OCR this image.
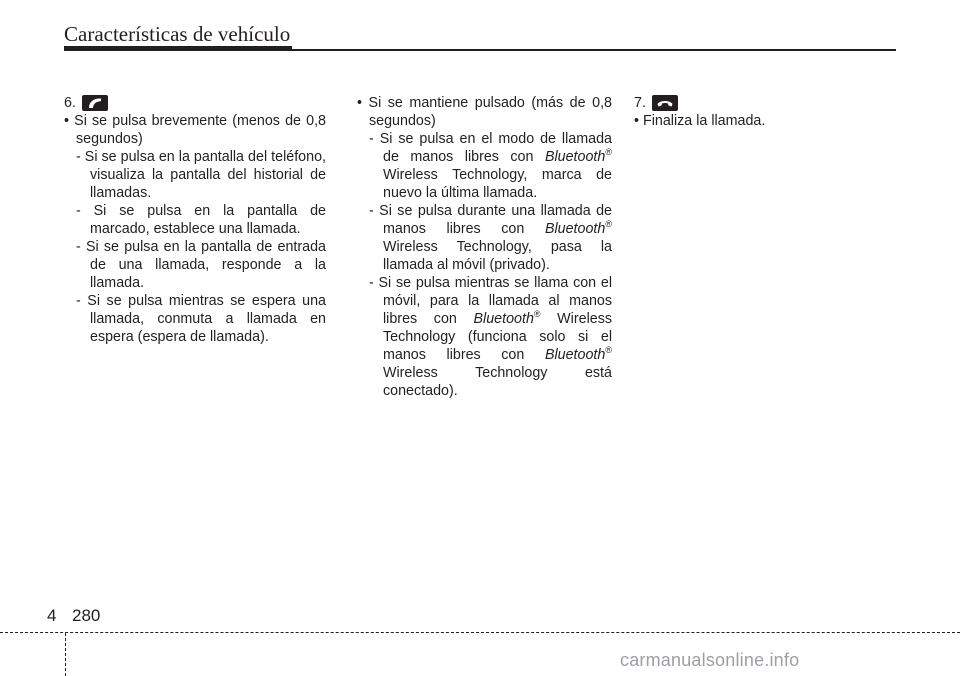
Características de vehículo
6.

• Si se pulsa brevemente (menos de 0,8 segundos)

- Si se pulsa en la pantalla del teléfono, visualiza la pantalla del historial de llamadas.

- Si se pulsa en la pantalla de marcado, establece una llamada.

- Si se pulsa en la pantalla de entrada de una llamada, responde a la llamada.

- Si se pulsa mientras se espera una llamada, conmuta a llamada en espera (espera de llamada).

• Si se mantiene pulsado (más de 0,8 segundos)

- Si se pulsa en el modo de llamada de manos libres con Bluetooth® Wireless Technology, marca de nuevo la última llamada.

- Si se pulsa durante una llamada de manos libres con Bluetooth® Wireless Technology, pasa la llamada al móvil (privado).

- Si se pulsa mientras se llama con el móvil, para la llamada al manos libres con Bluetooth® Wireless Technology (funciona solo si el manos libres con Bluetooth® Wireless Technology está conectado).

7.

• Finaliza la llamada.

4 280
carmanualsonline.info
